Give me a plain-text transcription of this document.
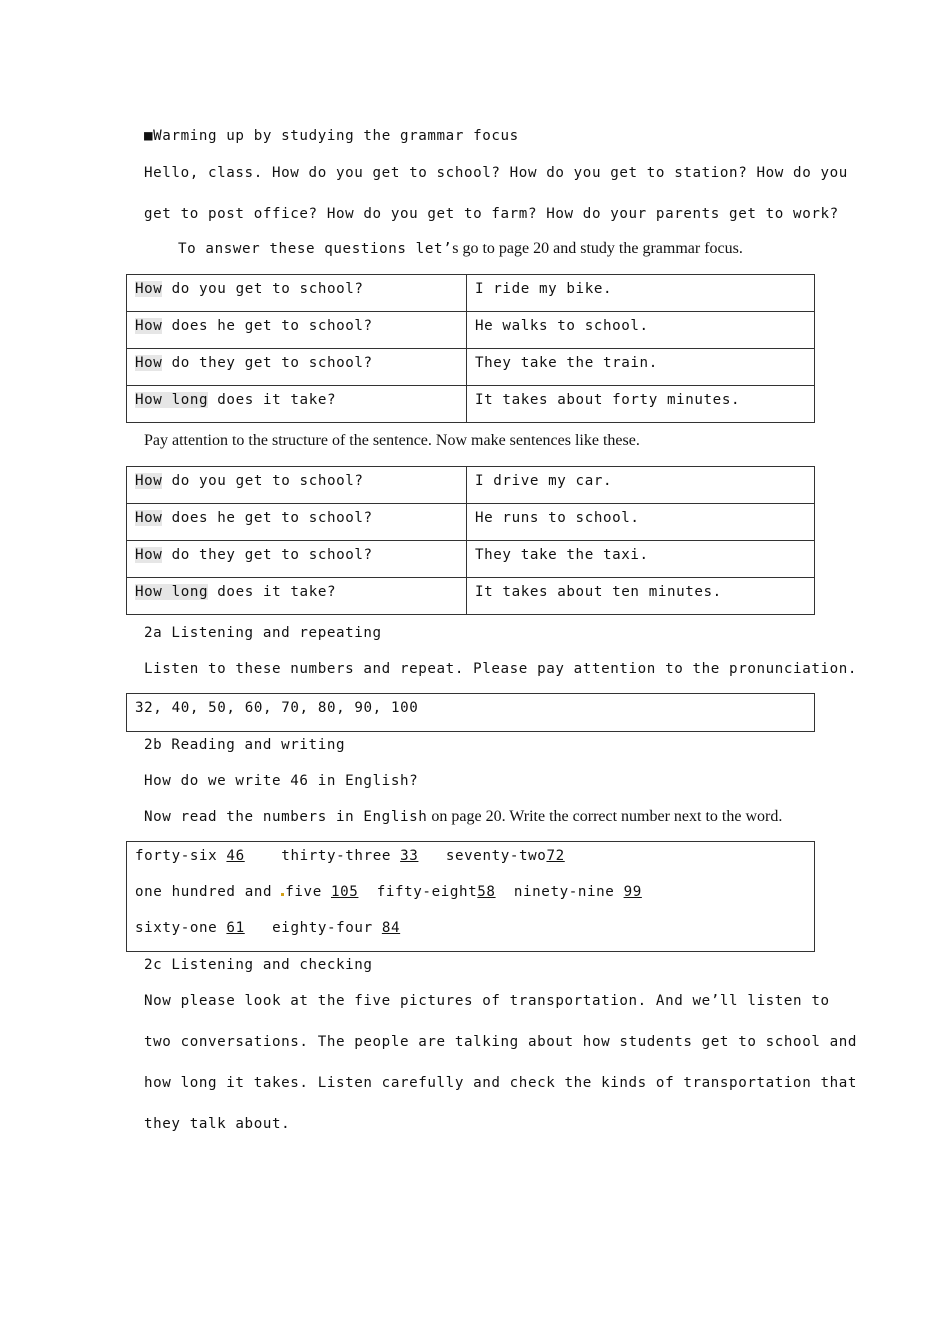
■Warming up by studying the grammar focus
Hello, class. How do you get to school? How do you get to station? How do you
get to post office? How do you get to farm? How do your parents get to work?
To answer these questions let’s go to page 20 and study the grammar focus.
How do you get to school?	I ride my bike.
How does he get to school?	He walks to school.
How do they get to school?	They take the train.
How long does it take?	It takes about forty minutes.
Pay attention to the structure of the sentence. Now make sentences like these.
How do you get to school?	I drive my car.
How does he get to school?	He runs to school.
How do they get to school?	They take the taxi.
How long does it take?	It takes about ten minutes.
2a Listening and repeating
Listen to these numbers and repeat. Please pay attention to the pronunciation.
32, 40, 50, 60, 70, 80, 90, 100
2b Reading and writing
How do we write 46 in English?
Now read the numbers in English on page 20. Write the correct number next to the word.
forty-six 46	thirty-three 33 seventy-two72
one hundred and five 105 fifty-eight58 ninety-nine 99
sixty-one 61 eighty-four 84
2c Listening and checking
Now please look at the five pictures of transportation. And we’ll listen to
two conversations. The people are talking about how students get to school and
how long it takes. Listen carefully and check the kinds of transportation that
they talk about.
